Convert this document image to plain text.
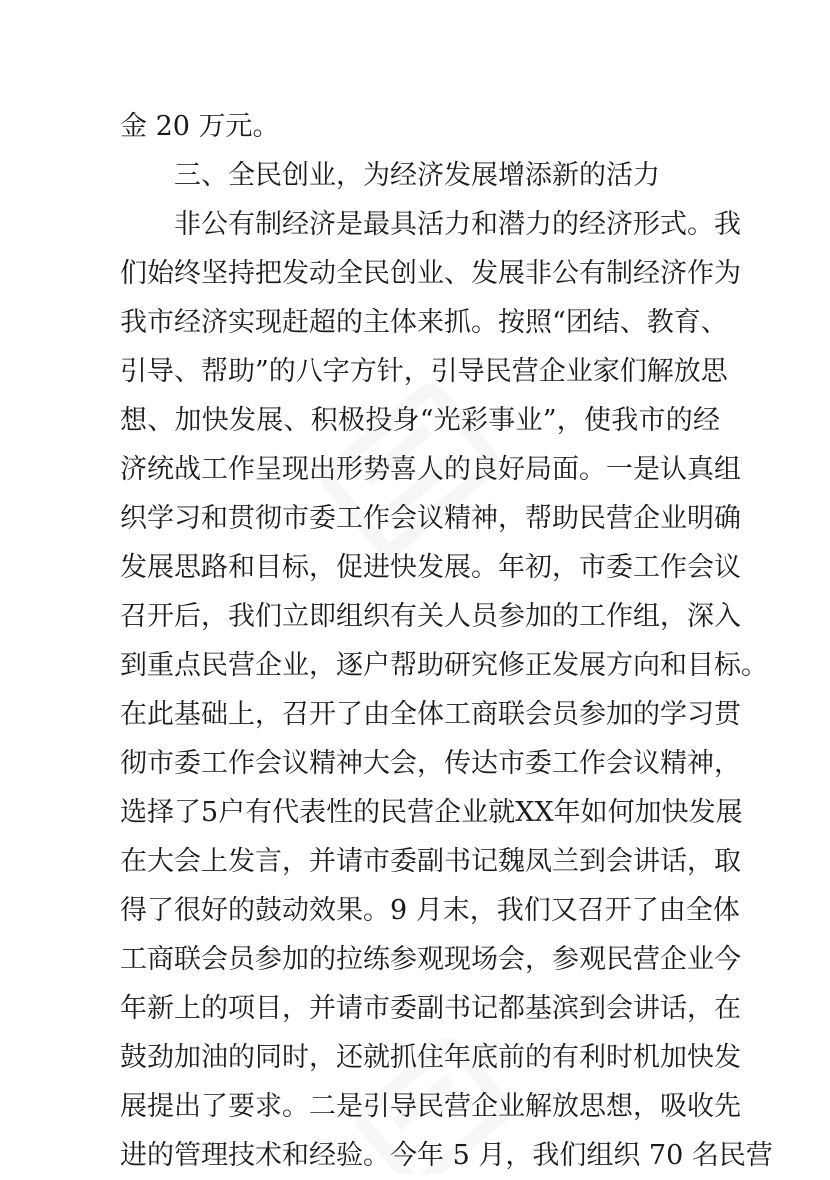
金 20 万元。
三、全民创业，为经济发展增添新的活力
非公有制经济是最具活力和潜力的经济形式。我
们始终坚持把发动全民创业、发展非公有制经济作为
我市经济实现赶超的主体来抓。按照“团结、教育、
引导、帮助”的八字方针，引导民营企业家们解放思
想、加快发展、积极投身“光彩事业”，使我市的经
济统战工作呈现出形势喜人的良好局面。一是认真组
织学习和贯彻市委工作会议精神，帮助民营企业明确
发展思路和目标，促进快发展。年初，市委工作会议
召开后，我们立即组织有关人员参加的工作组，深入
到重点民营企业，逐户帮助研究修正发展方向和目标。
在此基础上，召开了由全体工商联会员参加的学习贯
彻市委工作会议精神大会，传达市委工作会议精神，
选择了5户有代表性的民营企业就XX年如何加快发展
在大会上发言，并请市委副书记魏凤兰到会讲话，取
得了很好的鼓动效果。9 月末，我们又召开了由全体
工商联会员参加的拉练参观现场会，参观民营企业今
年新上的项目，并请市委副书记都基滨到会讲话，在
鼓劲加油的同时，还就抓住年底前的有利时机加快发
展提出了要求。二是引导民营企业解放思想，吸收先
进的管理技术和经验。今年 5 月，我们组织 70 名民营
